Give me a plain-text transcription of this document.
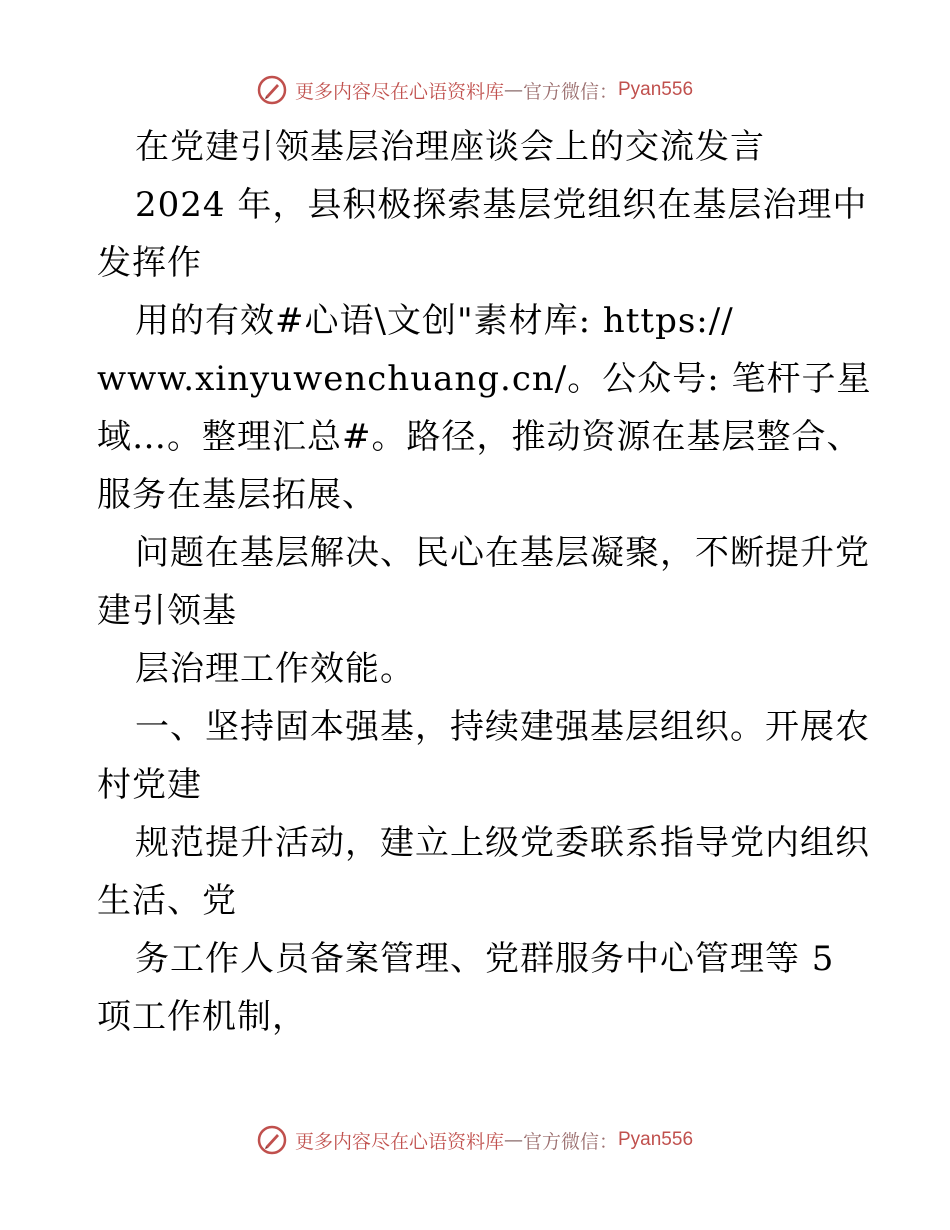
更多内容尽在心语资料库 — 官方微信： Pyan556
在党建引领基层治理座谈会上的交流发言
2024 年，县积极探索基层党组织在基层治理中
发挥作
用的有效#心语\文创"素材库: https://
www.xinyuwenchuang.cn/。公众号: 笔杆子星
域…。整理汇总#。路径，推动资源在基层整合、
服务在基层拓展、
问题在基层解决、民心在基层凝聚，不断提升党
建引领基
层治理工作效能。
一、坚持固本强基，持续建强基层组织。开展农
村党建
规范提升活动，建立上级党委联系指导党内组织
生活、党
务工作人员备案管理、党群服务中心管理等 5
项工作机制，
更多内容尽在心语资料库 — 官方微信： Pyan556
